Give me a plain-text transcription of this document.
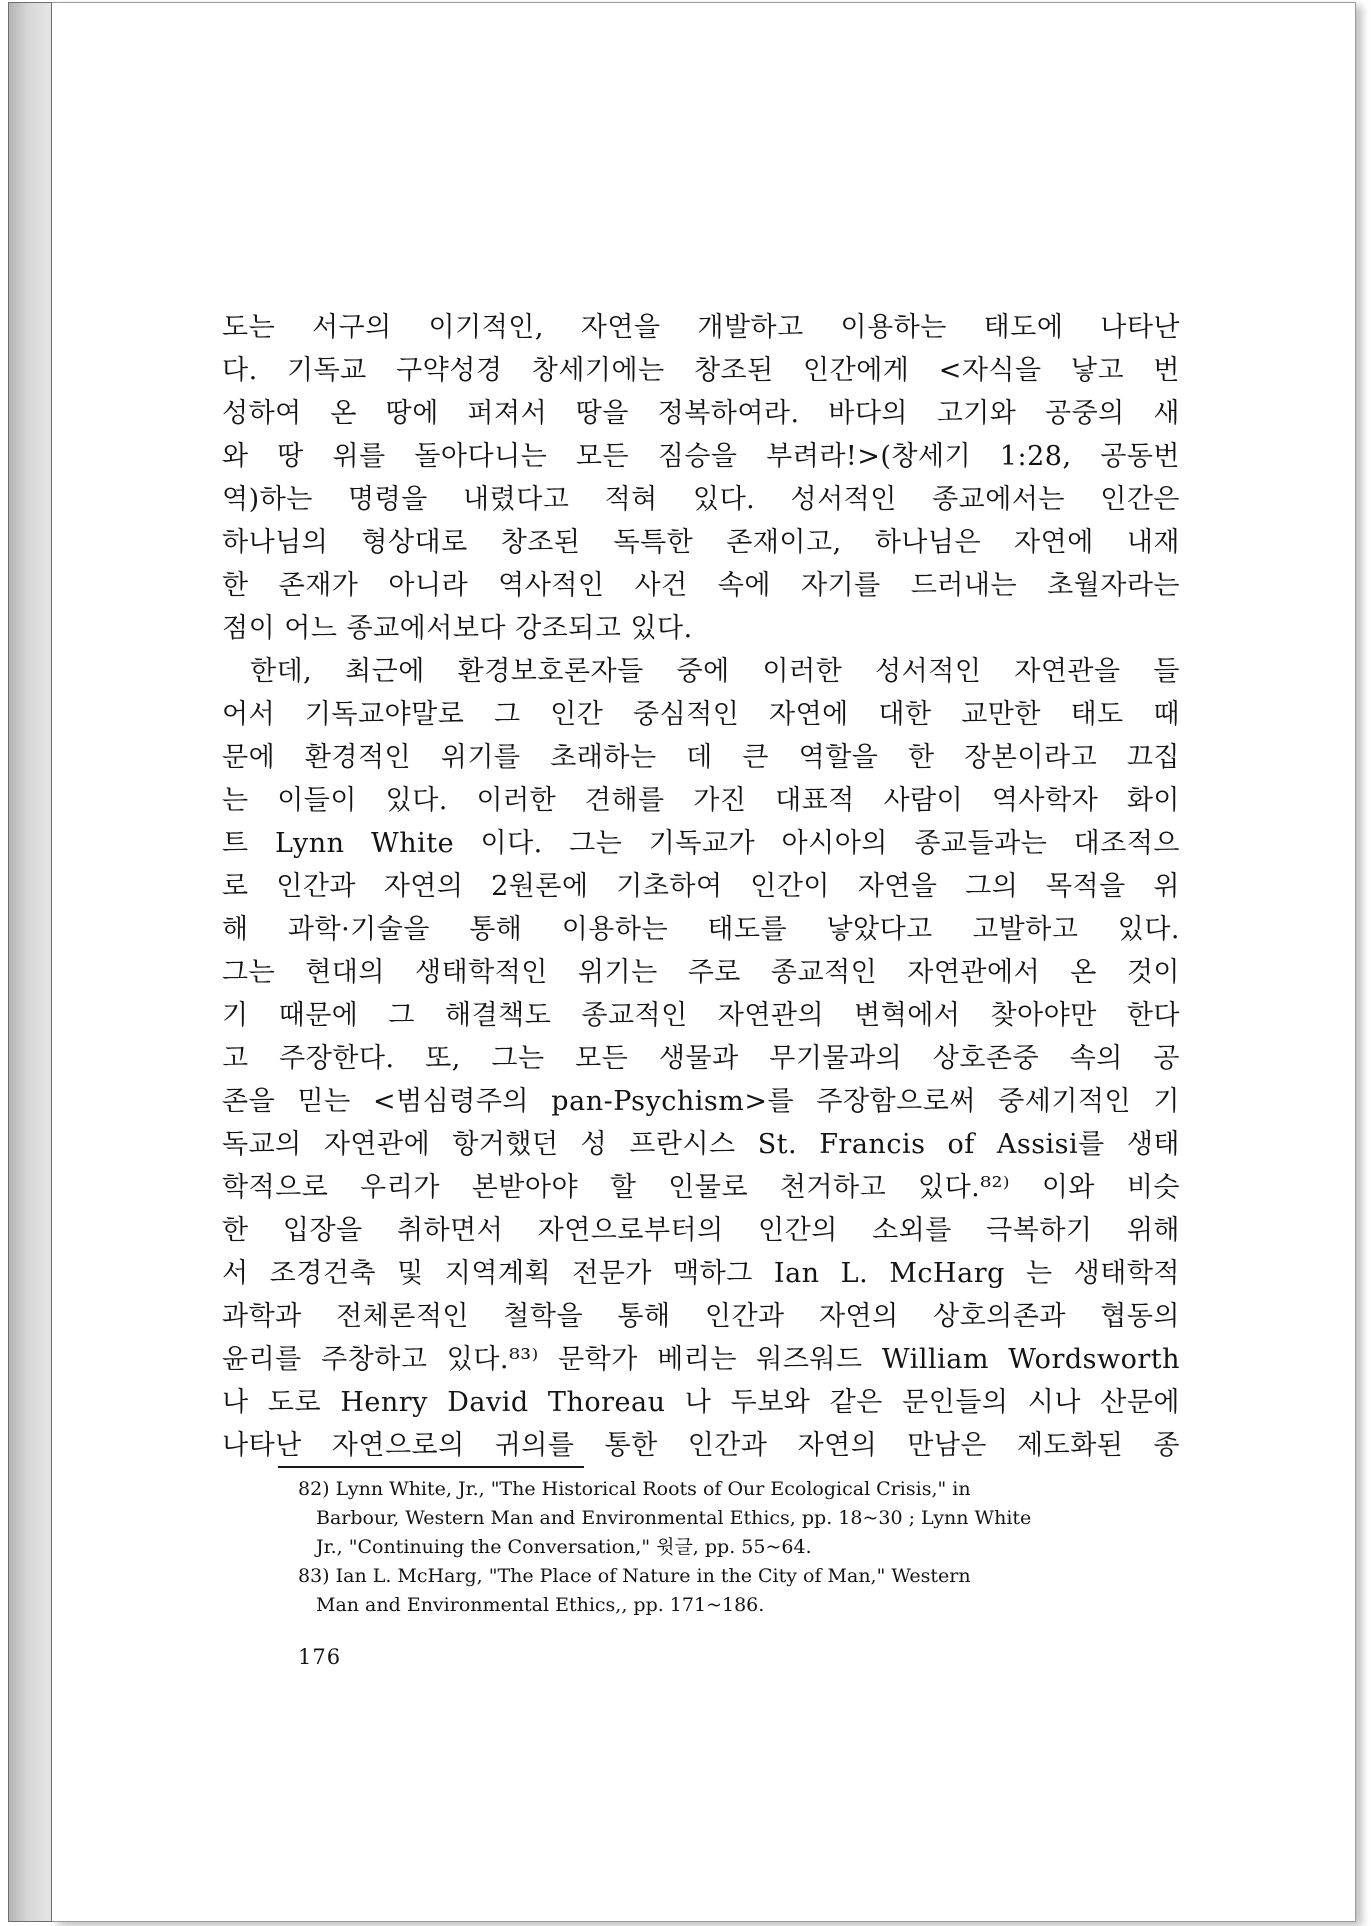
도는 서구의 이기적인, 자연을 개발하고 이용하는 태도에 나타난
다. 기독교 구약성경 창세기에는 창조된 인간에게 <자식을 낳고 번
성하여 온 땅에 퍼져서 땅을 정복하여라. 바다의 고기와 공중의 새
와 땅 위를 돌아다니는 모든 짐승을 부려라!>(창세기 1:28, 공동번
역)하는 명령을 내렸다고 적혀 있다. 성서적인 종교에서는 인간은
하나님의 형상대로 창조된 독특한 존재이고, 하나님은 자연에 내재
한 존재가 아니라 역사적인 사건 속에 자기를 드러내는 초월자라는
점이 어느 종교에서보다 강조되고 있다.
한데, 최근에 환경보호론자들 중에 이러한 성서적인 자연관을 들
어서 기독교야말로 그 인간 중심적인 자연에 대한 교만한 태도 때
문에 환경적인 위기를 초래하는 데 큰 역할을 한 장본이라고 끄집
는 이들이 있다. 이러한 견해를 가진 대표적 사람이 역사학자 화이
트 Lynn White 이다. 그는 기독교가 아시아의 종교들과는 대조적으
로 인간과 자연의 2원론에 기초하여 인간이 자연을 그의 목적을 위
해 과학·기술을 통해 이용하는 태도를 낳았다고 고발하고 있다.
그는 현대의 생태학적인 위기는 주로 종교적인 자연관에서 온 것이
기 때문에 그 해결책도 종교적인 자연관의 변혁에서 찾아야만 한다
고 주장한다. 또, 그는 모든 생물과 무기물과의 상호존중 속의 공
존을 믿는 <범심령주의 pan-Psychism>를 주장함으로써 중세기적인 기
독교의 자연관에 항거했던 성 프란시스 St. Francis of Assisi를 생태
학적으로 우리가 본받아야 할 인물로 천거하고 있다.⁸²⁾ 이와 비슷
한 입장을 취하면서 자연으로부터의 인간의 소외를 극복하기 위해
서 조경건축 및 지역계획 전문가 맥하그 Ian L. McHarg 는 생태학적
과학과 전체론적인 철학을 통해 인간과 자연의 상호의존과 협동의
윤리를 주창하고 있다.⁸³⁾ 문학가 베리는 워즈워드 William Wordsworth
나 도로 Henry David Thoreau 나 두보와 같은 문인들의 시나 산문에
나타난 자연으로의 귀의를 통한 인간과 자연의 만남은 제도화된 종
82) Lynn White, Jr., "The Historical Roots of Our Ecological Crisis," in
Barbour, Western Man and Environmental Ethics, pp. 18~30 ; Lynn White
Jr., "Continuing the Conversation," 윗글, pp. 55~64.
83) Ian L. McHarg, "The Place of Nature in the City of Man," Western
Man and Environmental Ethics,, pp. 171~186.
176
